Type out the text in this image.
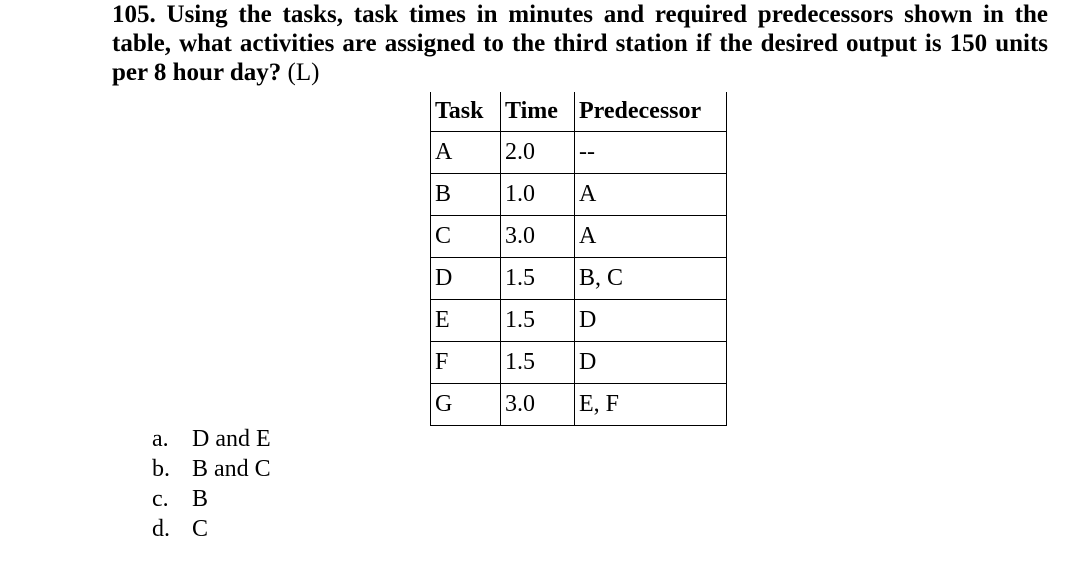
105. Using the tasks, task times in minutes and required predecessors shown in the table, what activities are assigned to the third station if the desired output is 150 units per 8 hour day? (L)
Task	Time	Predecessor
A	2.0	--
B	1.0	A
C	3.0	A
D	1.5	B, C
E	1.5	D
F	1.5	D
G	3.0	E, F
a. D and E
b. B and C
c. B
d. C
